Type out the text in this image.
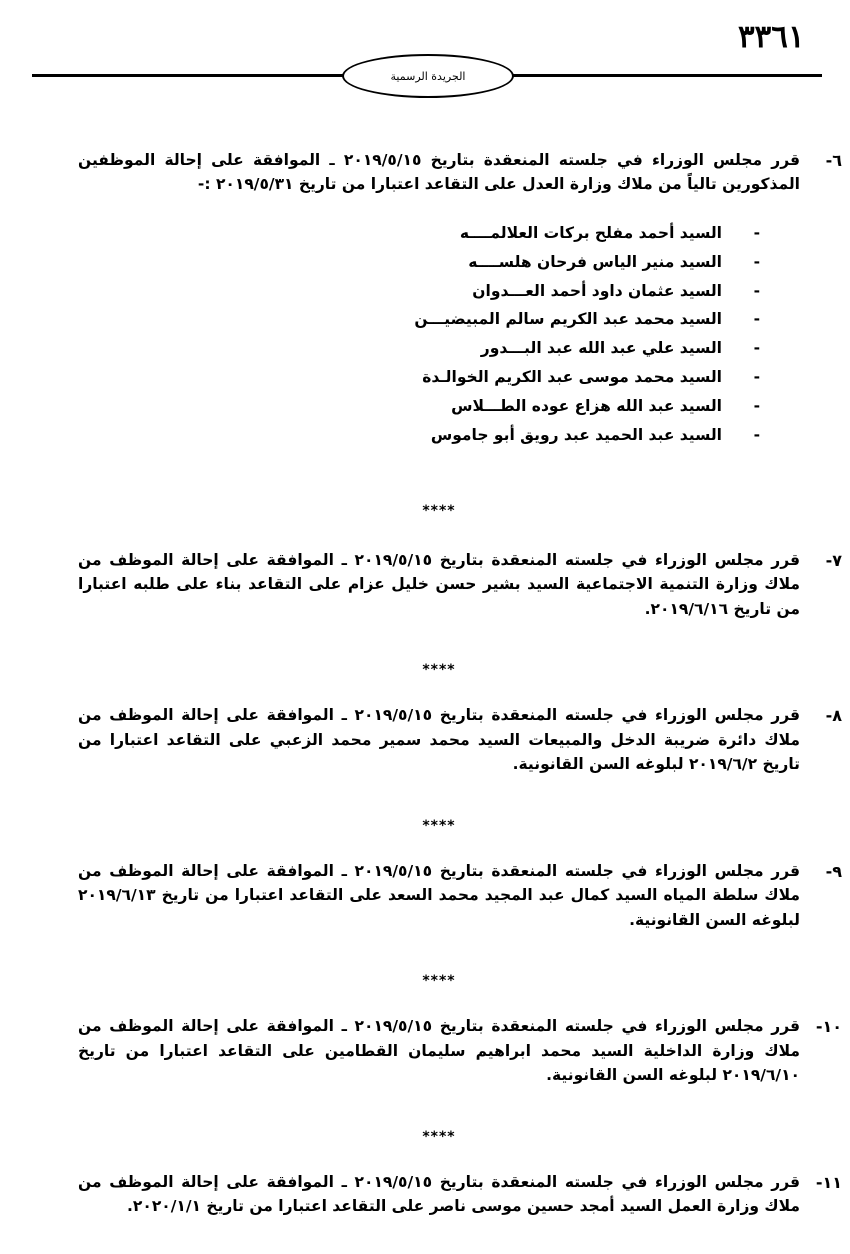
٣٣٦١
الجريدة الرسمية
٦-
قرر مجلس الوزراء في جلسته المنعقدة بتاريخ ٢٠١٩/٥/١٥ ـ الموافقة على إحالة الموظفين المذكورين تالياً من ملاك وزارة العدل على التقاعد اعتبارا من تاريخ ٢٠١٩/٥/٣١ :-
-
السيد أحمد مفلح بركات العلالمــــه
-
السيد منير الياس فرحان هلســــه
-
السيد عثمان داود أحمد العـــدوان
-
السيد محمد عبد الكريم سالم المبيضيـــن
-
السيد علي عبد الله عبد البـــدور
-
السيد محمد موسى عبد الكريم الخوالـدة
-
السيد عبد الله هزاع عوده الطـــلاس
-
السيد عبد الحميد عبد رويق أبو جاموس
****
٧-
قرر مجلس الوزراء في جلسته المنعقدة بتاريخ ٢٠١٩/٥/١٥ ـ الموافقة على إحالة الموظف من ملاك وزارة التنمية الاجتماعية السيد بشير حسن خليل عزام على التقاعد بناء على طلبه اعتبارا من تاريخ ٢٠١٩/٦/١٦.
****
٨-
قرر مجلس الوزراء في جلسته المنعقدة بتاريخ ٢٠١٩/٥/١٥ ـ الموافقة على إحالة الموظف من ملاك دائرة ضريبة الدخل والمبيعات السيد محمد سمير محمد الزعبي على التقاعد اعتبارا من تاريخ ٢٠١٩/٦/٢ لبلوغه السن القانونية.
****
٩-
قرر مجلس الوزراء في جلسته المنعقدة بتاريخ ٢٠١٩/٥/١٥ ـ الموافقة على إحالة الموظف من ملاك سلطة المياه السيد كمال عبد المجيد محمد السعد على التقاعد اعتبارا من تاريخ ٢٠١٩/٦/١٣ لبلوغه السن القانونية.
****
١٠-
قرر مجلس الوزراء في جلسته المنعقدة بتاريخ ٢٠١٩/٥/١٥ ـ الموافقة على إحالة الموظف من ملاك وزارة الداخلية السيد محمد ابراهيم سليمان القطامين على التقاعد اعتبارا من تاريخ ٢٠١٩/٦/١٠ لبلوغه السن القانونية.
****
١١-
قرر مجلس الوزراء في جلسته المنعقدة بتاريخ ٢٠١٩/٥/١٥ ـ الموافقة على إحالة الموظف من ملاك وزارة العمل السيد أمجد حسين موسى ناصر على التقاعد اعتبارا من تاريخ ٢٠٢٠/١/١.
